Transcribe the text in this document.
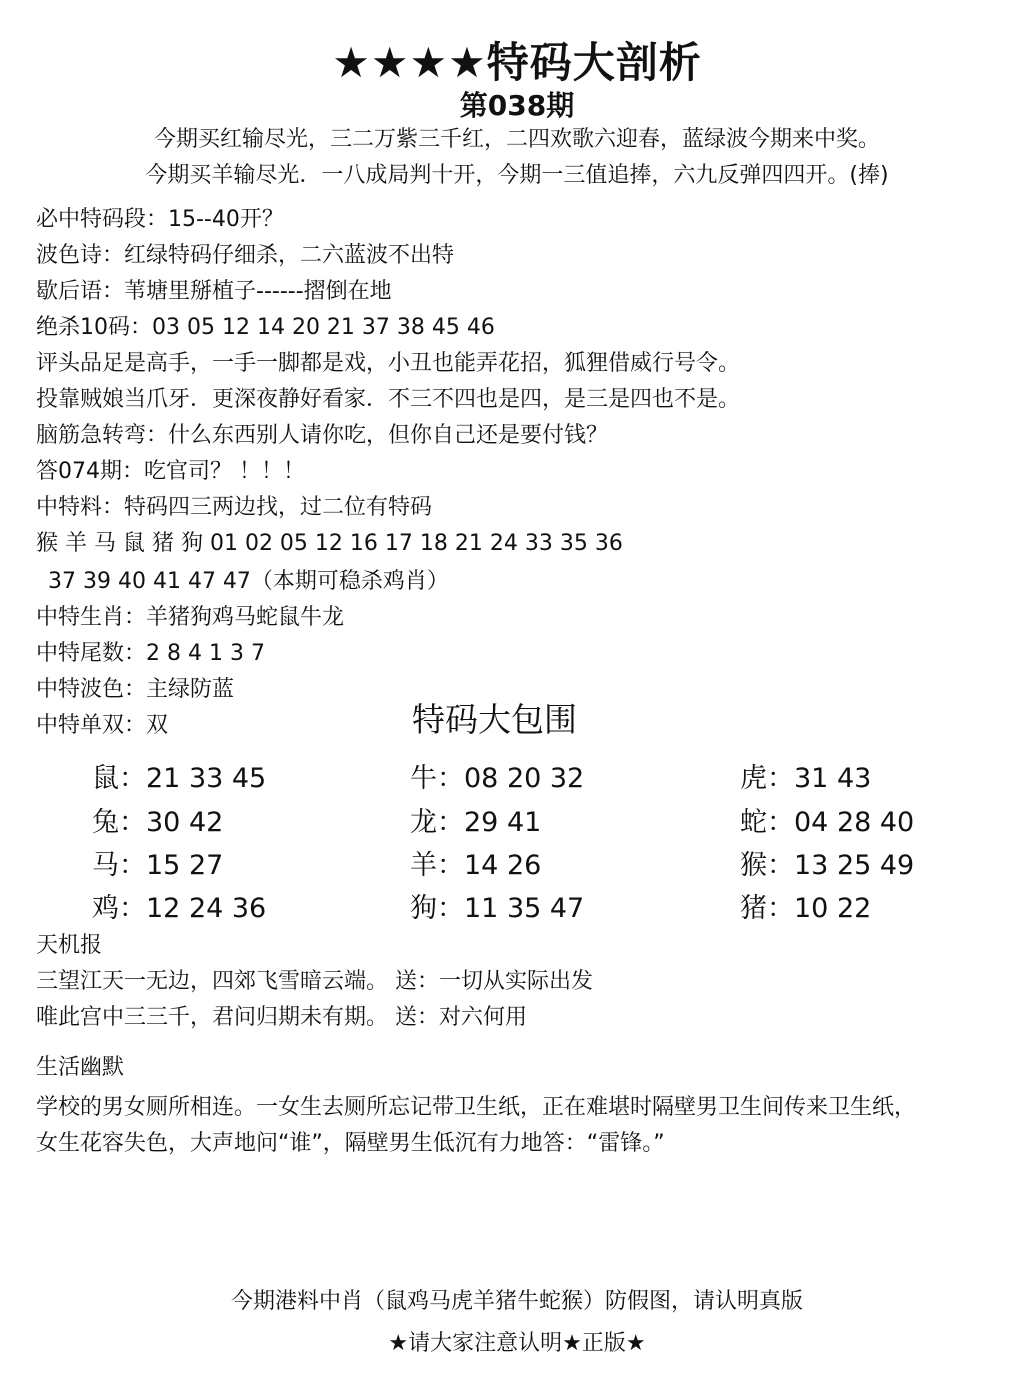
★★★★特码大剖析
第038期
今期买红输尽光，三二万紫三千红，二四欢歌六迎春，蓝绿波今期来中奖。
今期买羊输尽光．一八成局判十开，今期一三值追捧，六九反弹四四开。(捧)
必中特码段：15--40开？
波色诗：红绿特码仔细杀，二六蓝波不出特
歇后语：苇塘里掰植子------摺倒在地
绝杀10码：03 05 12 14 20 21 37 38 45 46
评头品足是高手，一手一脚都是戏，小丑也能弄花招，狐狸借威行号令。
投靠贼娘当爪牙．更深夜静好看家．不三不四也是四，是三是四也不是。
脑筋急转弯：什么东西别人请你吃，但你自己还是要付钱？
答074期：吃官司？ ！！！
中特料：特码四三两边找，过二位有特码
猴 羊 马 鼠 猪 狗 01 02 05 12 16 17 18 21 24 33 35 36
37 39 40 41 47 47（本期可稳杀鸡肖）
中特生肖：羊猪狗鸡马蛇鼠牛龙
中特尾数：2 8 4 1 3 7
中特波色：主绿防蓝
中特单双：双	特码大包围
鼠：21 33 45	牛：08 20 32	虎：31 43
兔：30 42	龙：29 41	蛇：04 28 40
马：15 27	羊：14 26	猴：13 25 49
鸡：12 24 36	狗：11 35 47	猪：10 22
天机报
三望江天一无边，四郊飞雪暗云端。 送：一切从实际出发
唯此宫中三三千，君问归期未有期。 送：对六何用
生活幽默
学校的男女厕所相连。一女生去厕所忘记带卫生纸，正在难堪时隔壁男卫生间传来卫生纸，
女生花容失色，大声地问“谁”，隔壁男生低沉有力地答：“雷锋。”
今期港料中肖（鼠鸡马虎羊猪牛蛇猴）防假图，请认明真版
★请大家注意认明★正版★
